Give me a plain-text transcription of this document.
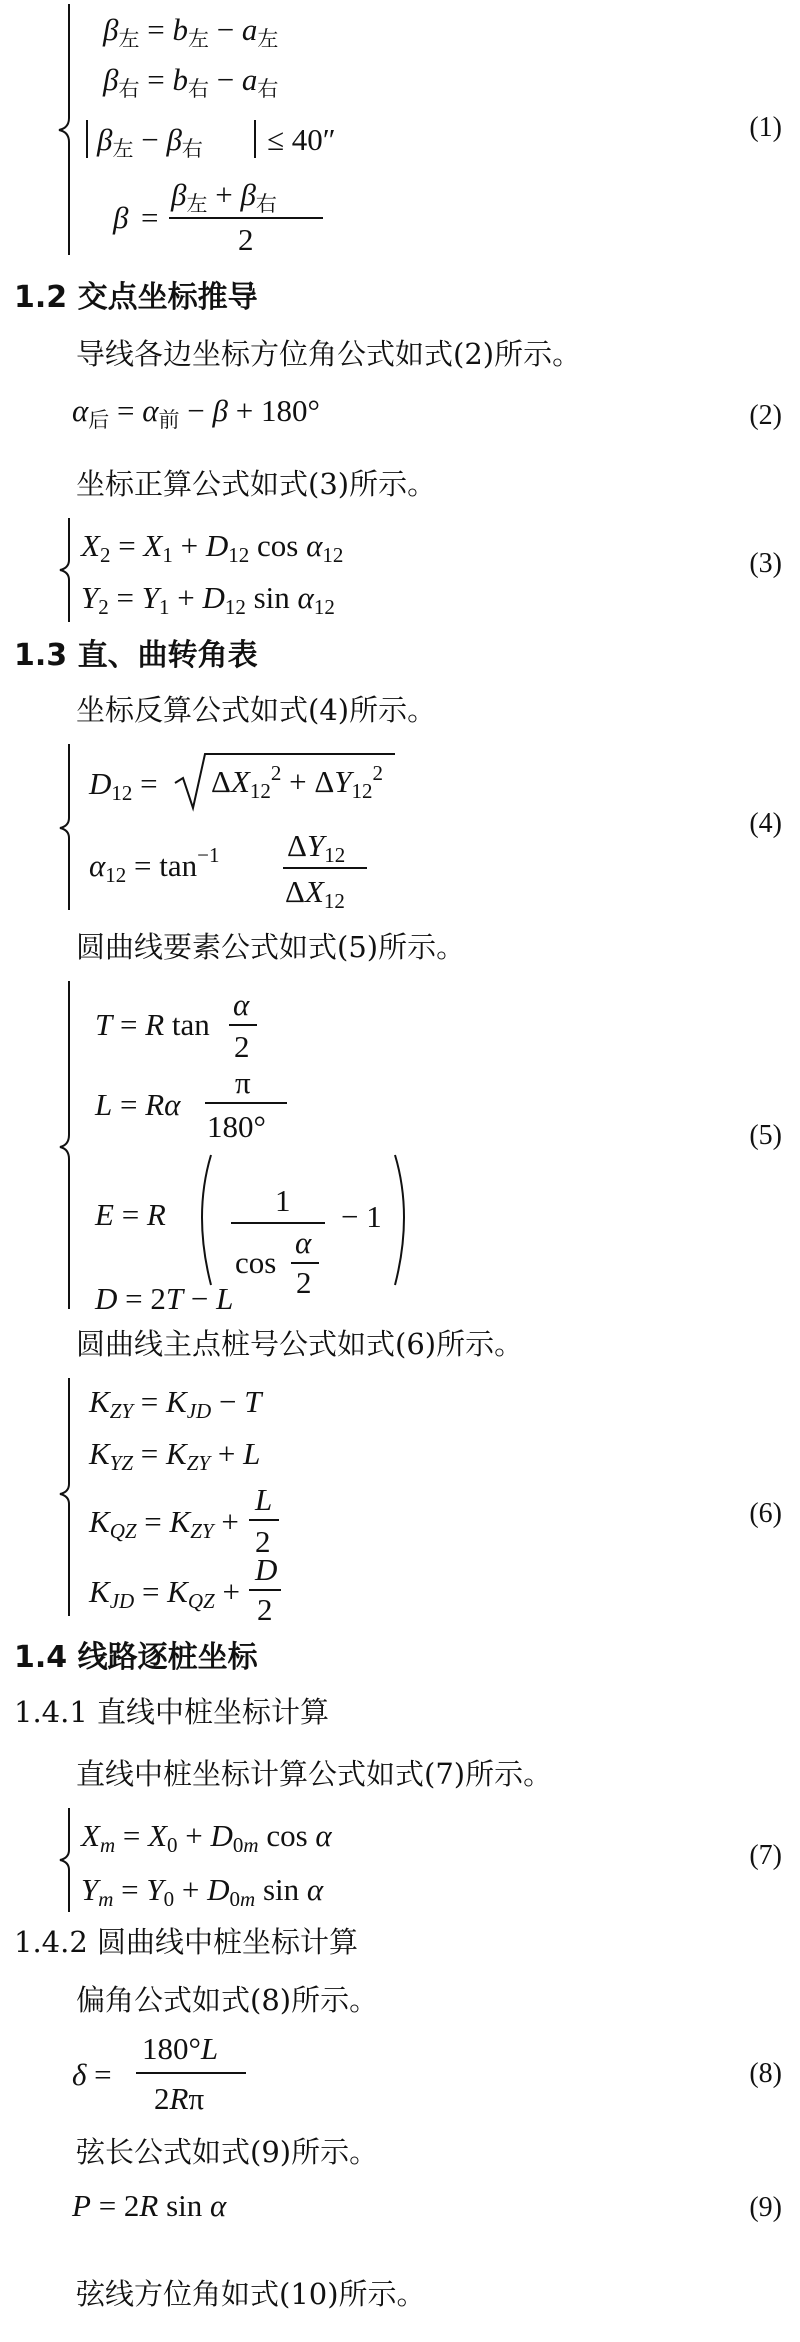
β左 = b左 − a左
β右 = b右 − a右
β左 − β右 ≤ 40″
β =
β左 + β右
2
(1)
1.2 交点坐标推导
导线各边坐标方位角公式如式(2)所示。
α后 = α前 − β + 180°	(2)
坐标正算公式如式(3)所示。
X2 = X1 + D12 cos α12
Y2 = Y1 + D12 sin α12
(3)
1.3 直、曲转角表
坐标反算公式如式(4)所示。
$D12 = \Delta X12^2 + \Delta Y12^2$
$\alpha 12 = \tan^{-1} \Delta Y12$
ΔX12
(4)
圆曲线要素公式如式(5)所示。
T = R tan
α
2
L = Rα
π
180°
E = R	1
cos
α
2
− 1
D = 2T − L
(5)
圆曲线主点桩号公式如式(6)所示。
KZY = KJD − T
KYZ = KZY + L
KQZ = KZY +
L
2
KJD = KQZ +
D
2
(6)
1.4 线路逐桩坐标
1.4.1 直线中桩坐标计算
直线中桩坐标计算公式如式(7)所示。
Xm = X0 + D0m cos α
Ym = Y0 + D0m sin α
(7)
1.4.2 圆曲线中桩坐标计算
偏角公式如式(8)所示。
δ =
180°L
2Rπ
(8)
弦长公式如式(9)所示。
P = 2R sin α	(9)
弦线方位角如式(10)所示。
